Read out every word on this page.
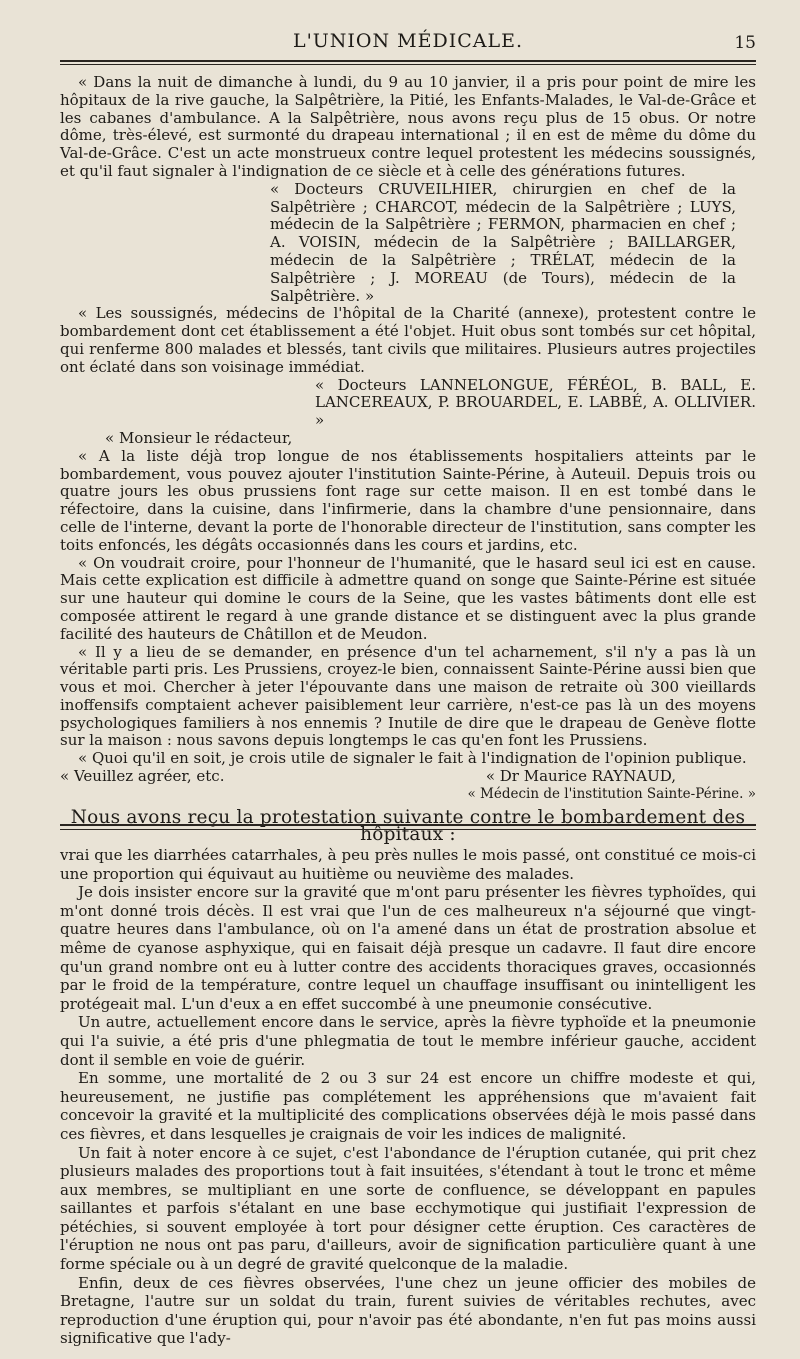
L'UNION MÉDICALE.	15

« Dans la nuit de dimanche à lundi, du 9 au 10 janvier, il a pris pour point de mire les hôpitaux de la rive gauche, la Salpêtrière, la Pitié, les Enfants-Malades, le Val-de-Grâce et les cabanes d'ambulance. A la Salpêtrière, nous avons reçu plus de 15 obus. Or notre dôme, très-élevé, est surmonté du drapeau international ; il en est de même du dôme du Val-de-Grâce. C'est un acte monstrueux contre lequel protestent les médecins soussignés, et qu'il faut signaler à l'indignation de ce siècle et à celle des générations futures.

« Docteurs CRUVEILHIER, chirurgien en chef de la Salpêtrière ; CHARCOT, médecin de la Salpêtrière ; LUYS, médecin de la Salpêtrière ; FERMON, pharmacien en chef ; A. VOISIN, médecin de la Salpêtrière ; BAILLARGER, médecin de la Salpêtrière ; TRÉLAT, médecin de la Salpêtrière ; J. MOREAU (de Tours), médecin de la Salpêtrière. »

« Les soussignés, médecins de l'hôpital de la Charité (annexe), protestent contre le bombardement dont cet établissement a été l'objet. Huit obus sont tombés sur cet hôpital, qui renferme 800 malades et blessés, tant civils que militaires. Plusieurs autres projectiles ont éclaté dans son voisinage immédiat.

« Docteurs LANNELONGUE, FÉRÉOL, B. BALL, E. LANCEREAUX, P. BROUARDEL, E. LABBÉ, A. OLLIVIER. »

« Monsieur le rédacteur,

« A la liste déjà trop longue de nos établissements hospitaliers atteints par le bombardement, vous pouvez ajouter l'institution Sainte-Périne, à Auteuil. Depuis trois ou quatre jours les obus prussiens font rage sur cette maison. Il en est tombé dans le réfectoire, dans la cuisine, dans l'infirmerie, dans la chambre d'une pensionnaire, dans celle de l'interne, devant la porte de l'honorable directeur de l'institution, sans compter les toits enfoncés, les dégâts occasionnés dans les cours et jardins, etc.

« On voudrait croire, pour l'honneur de l'humanité, que le hasard seul ici est en cause. Mais cette explication est difficile à admettre quand on songe que Sainte-Périne est située sur une hauteur qui domine le cours de la Seine, que les vastes bâtiments dont elle est composée attirent le regard à une grande distance et se distinguent avec la plus grande facilité des hauteurs de Châtillon et de Meudon.

« Il y a lieu de se demander, en présence d'un tel acharnement, s'il n'y a pas là un véritable parti pris. Les Prussiens, croyez-le bien, connaissent Sainte-Périne aussi bien que vous et moi. Chercher à jeter l'épouvante dans une maison de retraite où 300 vieillards inoffensifs comptaient achever paisiblement leur carrière, n'est-ce pas là un des moyens psychologiques familiers à nos ennemis ? Inutile de dire que le drapeau de Genève flotte sur la maison : nous savons depuis longtemps le cas qu'en font les Prussiens.

« Quoi qu'il en soit, je crois utile de signaler le fait à l'indignation de l'opinion publique.

« Veuillez agréer, etc.	« Dr Maurice RAYNAUD,

« Médecin de l'institution Sainte-Périne. »

Nous avons reçu la protestation suivante contre le bombardement des hôpitaux :

vrai que les diarrhées catarrhales, à peu près nulles le mois passé, ont constitué ce mois-ci une proportion qui équivaut au huitième ou neuvième des malades.

Je dois insister encore sur la gravité que m'ont paru présenter les fièvres typhoïdes, qui m'ont donné trois décès. Il est vrai que l'un de ces malheureux n'a séjourné que vingt-quatre heures dans l'ambulance, où on l'a amené dans un état de prostration absolue et même de cyanose asphyxique, qui en faisait déjà presque un cadavre. Il faut dire encore qu'un grand nombre ont eu à lutter contre des accidents thoraciques graves, occasionnés par le froid de la température, contre lequel un chauffage insuffisant ou inintelligent les protégeait mal. L'un d'eux a en effet succombé à une pneumonie consécutive.

Un autre, actuellement encore dans le service, après la fièvre typhoïde et la pneumonie qui l'a suivie, a été pris d'une phlegmatia de tout le membre inférieur gauche, accident dont il semble en voie de guérir.

En somme, une mortalité de 2 ou 3 sur 24 est encore un chiffre modeste et qui, heureusement, ne justifie pas complétement les appréhensions que m'avaient fait concevoir la gravité et la multiplicité des complications observées déjà le mois passé dans ces fièvres, et dans lesquelles je craignais de voir les indices de malignité.

Un fait à noter encore à ce sujet, c'est l'abondance de l'éruption cutanée, qui prit chez plusieurs malades des proportions tout à fait insuitées, s'étendant à tout le tronc et même aux membres, se multipliant en une sorte de confluence, se développant en papules saillantes et parfois s'étalant en une base ecchymotique qui justifiait l'expression de pétéchies, si souvent employée à tort pour désigner cette éruption. Ces caractères de l'éruption ne nous ont pas paru, d'ailleurs, avoir de signification particulière quant à une forme spéciale ou à un degré de gravité quelconque de la maladie.

Enfin, deux de ces fièvres observées, l'une chez un jeune officier des mobiles de Bretagne, l'autre sur un soldat du train, furent suivies de véritables rechutes, avec reproduction d'une éruption qui, pour n'avoir pas été abondante, n'en fut pas moins aussi significative que l'ady-
